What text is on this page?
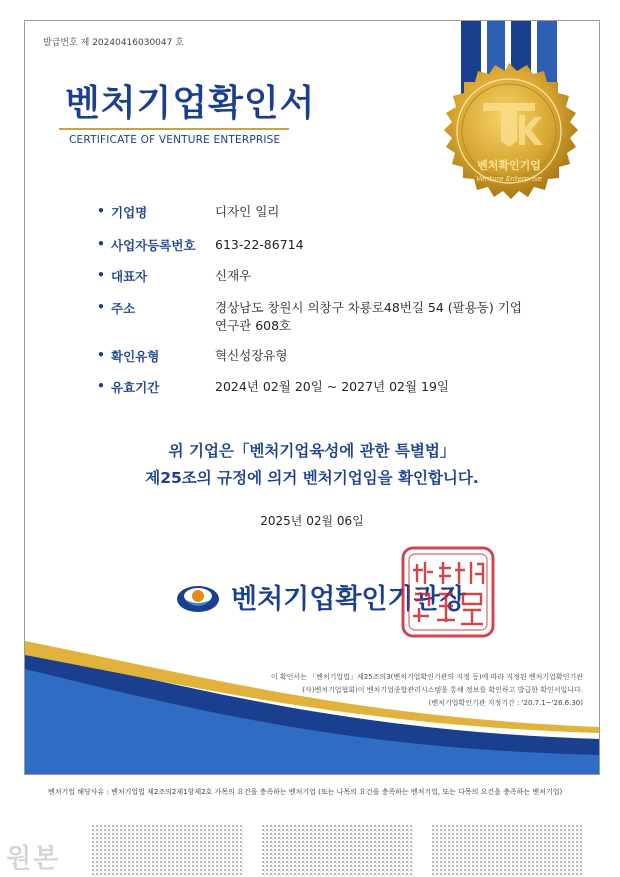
발급번호 제 20240416030047 호
벤처기업확인서
CERTIFICATE OF VENTURE ENTERPRISE
벤처확인기업
Venture Enterprise
• 기업명	디자인 일리
• 사업자등록번호 613-22-86714
• 대표자	신재우
• 주소	경상남도 창원시 의창구 차룡로48번길 54 (팔용동) 기업
연구관 608호
• 확인유형	혁신성장유형
• 유효기간	2024년 02월 20일 ~ 2027년 02월 19일
위 기업은「벤처기업육성에 관한 특별법」
제25조의 규정에 의거 벤처기업임을 확인합니다.
2025년 02월 06일
벤처기업확인기관장
이 확인서는 「벤처기업법」제25조의3(벤처기업확인기관의 지정 등)에 따라 지정된 벤처기업확인기관
(사)벤처기업협회)이 벤처기업종합관리시스템을 통해 정보를 확인하고 발급한 확인서입니다.
(벤처기업확인기관 지정기간 : '20.7.1~'26.6.30)
벤처기업 해당사유 : 벤처기업법 제2조의2제1항제2호 가목의 요건을 충족하는 벤처기업 (또는 나목의 요건을 충족하는 벤처기업, 또는 다목의 요건을 충족하는 벤처기업)
원본
